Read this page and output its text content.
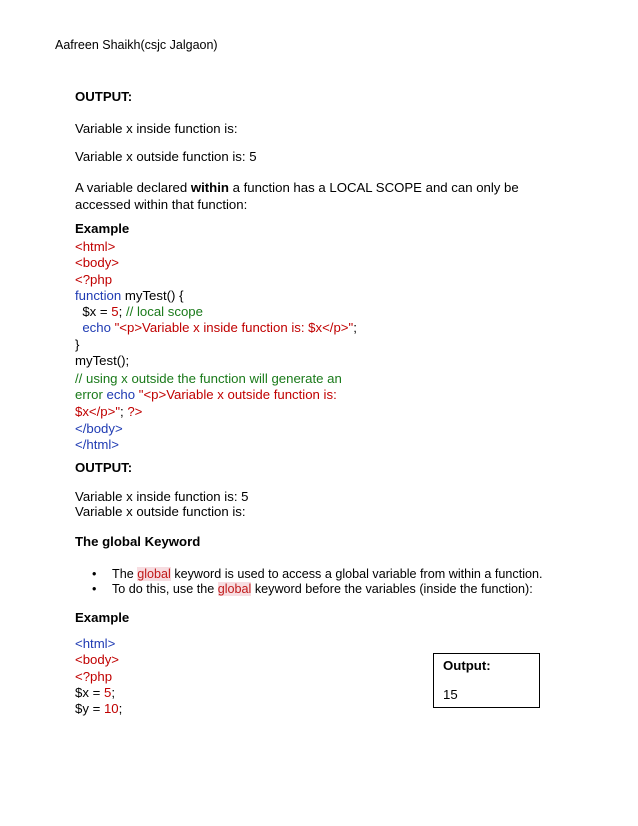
Aafreen Shaikh(csjc Jalgaon)
OUTPUT:
Variable x inside function is:
Variable x outside function is: 5
A variable declared within a function has a LOCAL SCOPE and can only be accessed within that function:
Example
<html>
<body>
<?php
function myTest() {
$x = 5; // local scope
echo "<p>Variable x inside function is: $x</p>";
}
myTest();
// using x outside the function will generate an
error echo "<p>Variable x outside function is:
$x</p>"; ?>
</body>
</html>
OUTPUT:
Variable x inside function is: 5
Variable x outside function is:
The global Keyword
• The global keyword is used to access a global variable from within a function.
• To do this, use the global keyword before the variables (inside the function):
Example
<html>
<body>
<?php
$x = 5;
$y = 10;
Output:
15
